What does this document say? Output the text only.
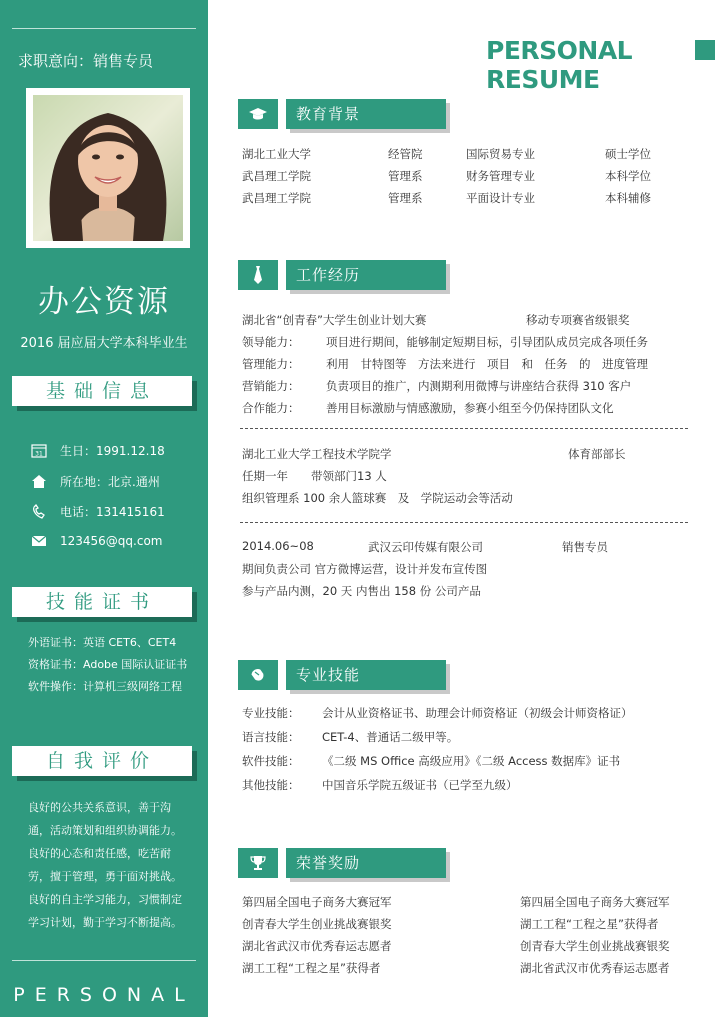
求职意向：销售专员
办公资源
2016 届应届大学本科毕业生
基础信息
31 生日：1991.12.18
所在地：北京.通州
电话：131415161
123456@qq.com
技能证书
外语证书：英语 CET6、CET4
资格证书：Adobe 国际认证证书
软件操作：计算机三级网络工程
自我评价
良好的公共关系意识，善于沟
通，活动策划和组织协调能力。
良好的心态和责任感，吃苦耐
劳，擅于管理，勇于面对挑战。
良好的自主学习能力，习惯制定
学习计划，勤于学习不断提高。
PERSONAL
PERSONAL RESUME
教育背景
湖北工业大学	经管院	国际贸易专业	硕士学位
武昌理工学院	管理系	财务管理专业	本科学位
武昌理工学院	管理系	平面设计专业	本科辅修
工作经历
湖北省“创青春”大学生创业计划大赛	移动专项赛省级银奖
领导能力： 项目进行期间，能够制定短期目标，引导团队成员完成各项任务
管理能力： 利用　甘特图等　方法来进行　项目　和　任务　的　进度管理
营销能力： 负责项目的推广，内测期利用微博与讲座结合获得 310 客户
合作能力： 善用目标激励与情感激励，参赛小组至今仍保持团队文化
湖北工业大学工程技术学院学	体育部部长
任期一年　　带领部门13 人
组织管理系 100 余人篮球赛　及　学院运动会等活动
2014.06~08	武汉云印传媒有限公司	销售专员
期间负责公司 官方微博运营，设计并发布宣传图
参与产品内测，20 天 内售出 158 份 公司产品
专业技能
专业技能： 会计从业资格证书、助理会计师资格证（初级会计师资格证）
语言技能： CET-4、普通话二级甲等。
软件技能： 《二级 MS Office 高级应用》《二级 Access 数据库》证书
其他技能： 中国音乐学院五级证书（已学至九级）
荣誉奖励
第四届全国电子商务大赛冠军
创青春大学生创业挑战赛银奖
湖北省武汉市优秀春运志愿者
湖工工程“工程之星”获得者
第四届全国电子商务大赛冠军
湖工工程“工程之星”获得者
创青春大学生创业挑战赛银奖
湖北省武汉市优秀春运志愿者
